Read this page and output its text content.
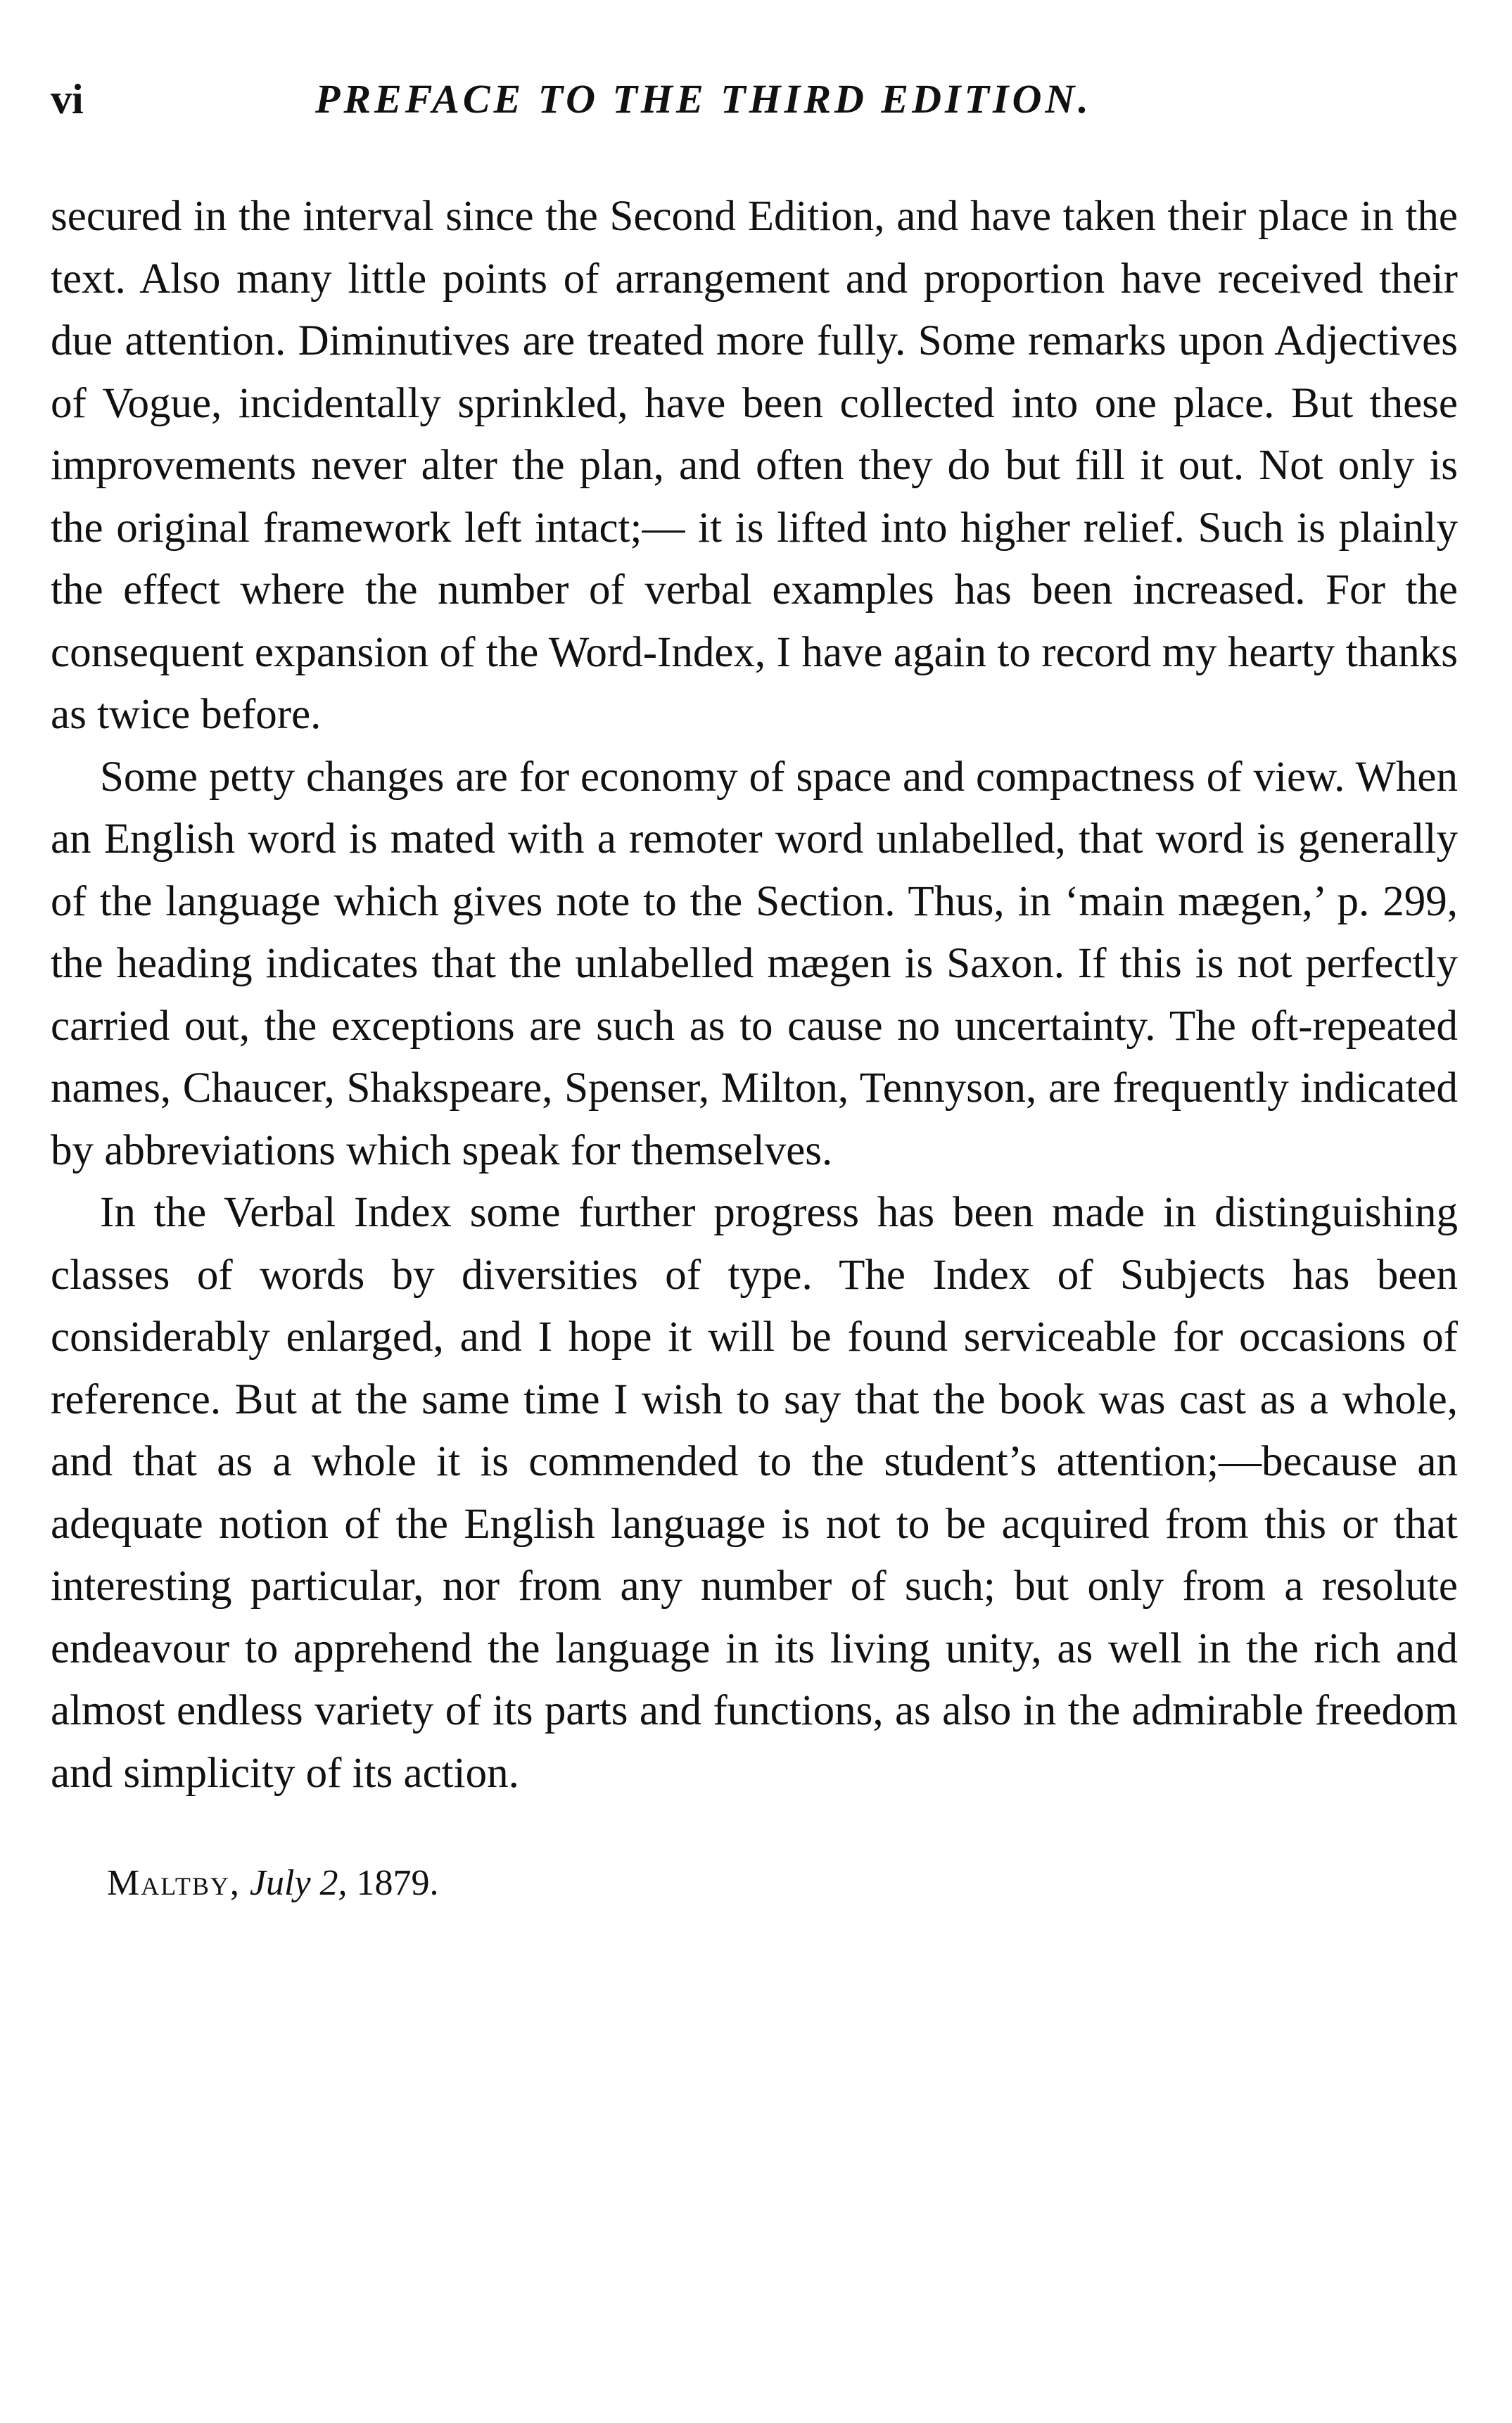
vi	PREFACE TO THE THIRD EDITION.

secured in the interval since the Second Edition, and have taken their place in the text. Also many little points of arrangement and proportion have received their due attention. Diminutives are treated more fully. Some remarks upon Adjectives of Vogue, incidentally sprinkled, have been collected into one place. But these improvements never alter the plan, and often they do but fill it out. Not only is the original framework left intact;— it is lifted into higher relief. Such is plainly the effect where the number of verbal examples has been increased. For the consequent expansion of the Word-Index, I have again to record my hearty thanks as twice before.

Some petty changes are for economy of space and compactness of view. When an English word is mated with a remoter word unlabelled, that word is generally of the language which gives note to the Section. Thus, in ‘main mægen,’ p. 299, the heading indicates that the unlabelled mægen is Saxon. If this is not perfectly carried out, the exceptions are such as to cause no uncertainty. The oft-repeated names, Chaucer, Shakspeare, Spenser, Milton, Tennyson, are frequently indicated by abbreviations which speak for themselves.

In the Verbal Index some further progress has been made in distinguishing classes of words by diversities of type. The Index of Subjects has been considerably enlarged, and I hope it will be found serviceable for occasions of reference. But at the same time I wish to say that the book was cast as a whole, and that as a whole it is commended to the student’s attention;—because an adequate notion of the English language is not to be acquired from this or that interesting particular, nor from any number of such; but only from a resolute endeavour to apprehend the language in its living unity, as well in the rich and almost endless variety of its parts and functions, as also in the admirable freedom and simplicity of its action.

Maltby, July 2, 1879.
